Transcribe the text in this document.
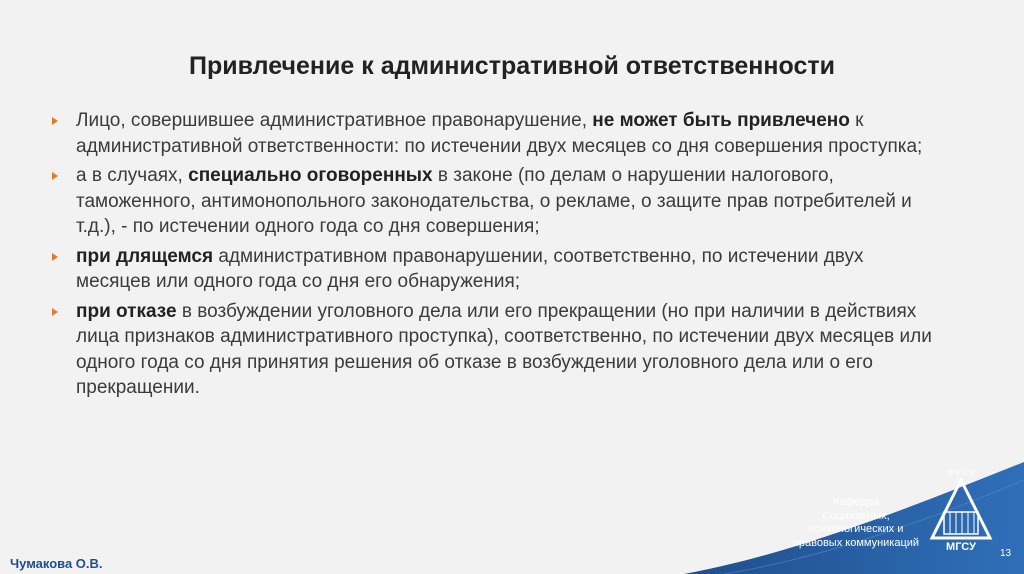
Привлечение к административной ответственности
Лицо, совершившее административное правонарушение, не может быть привлечено к административной ответственности: по истечении двух месяцев со дня совершения проступка;
а в случаях, специально оговоренных в законе (по делам о нарушении налогового, таможенного, антимонопольного законодательства, о рекламе, о защите прав потребителей и т.д.), - по истечении одного года со дня совершения;
при длящемся административном правонарушении, соответственно, по истечении двух месяцев или одного года со дня его обнаружения;
при отказе в возбуждении уголовного дела или его прекращении (но при наличии в действиях лица признаков административного проступка), соответственно, по истечении двух месяцев или одного года со дня принятия решения об отказе в возбуждении уголовного дела или о его прекращении.
Кафедра
Социальных,
психологических и
правовых коммуникаций
м и с и
МГСУ
13
Чумакова О.В.
